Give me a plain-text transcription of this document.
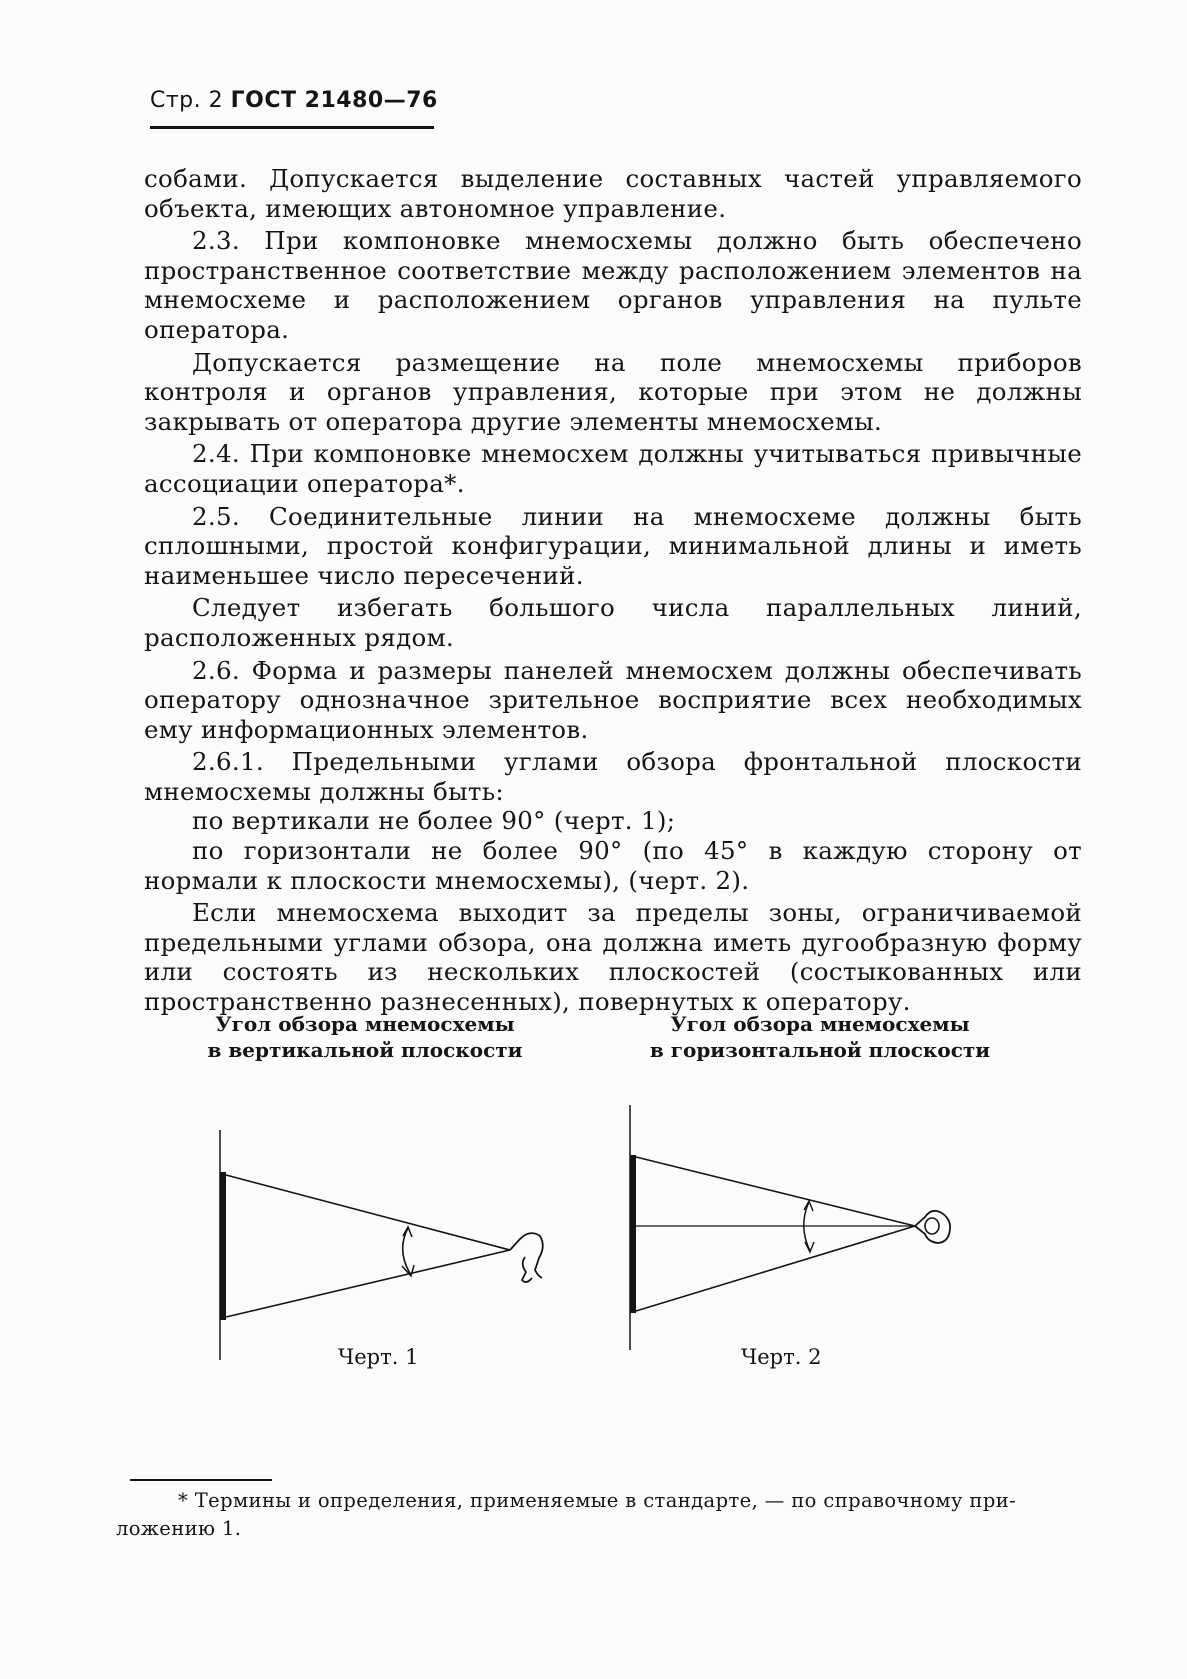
Стр. 2 ГОСТ 21480—76

собами. Допускается выделение составных частей управляемого объекта, имеющих автономное управление.

2.3. При компоновке мнемосхемы должно быть обеспечено пространственное соответствие между расположением элементов на мнемосхеме и расположением органов управления на пульте оператора.

Допускается размещение на поле мнемосхемы приборов контроля и органов управления, которые при этом не должны закрывать от оператора другие элементы мнемосхемы.

2.4. При компоновке мнемосхем должны учитываться привычные ассоциации оператора*.

2.5. Соединительные линии на мнемосхеме должны быть сплошными, простой конфигурации, минимальной длины и иметь наименьшее число пересечений.

Следует избегать большого числа параллельных линий, расположенных рядом.

2.6. Форма и размеры панелей мнемосхем должны обеспечивать оператору однозначное зрительное восприятие всех необходимых ему информационных элементов.

2.6.1. Предельными углами обзора фронтальной плоскости мнемосхемы должны быть:

по вертикали не более 90° (черт. 1);

по горизонтали не более 90° (по 45° в каждую сторону от нормали к плоскости мнемосхемы), (черт. 2).

Если мнемосхема выходит за пределы зоны, ограничиваемой предельными углами обзора, она должна иметь дугообразную форму или состоять из нескольких плоскостей (состыкованных или пространственно разнесенных), повернутых к оператору.

Угол обзора мнемосхемы
в вертикальной плоскости
Черт. 1
Угол обзора мнемосхемы
в горизонтальной плоскости
Черт. 2
* Термины и определения, применяемые в стандарте, — по справочному при-
ложению 1.
